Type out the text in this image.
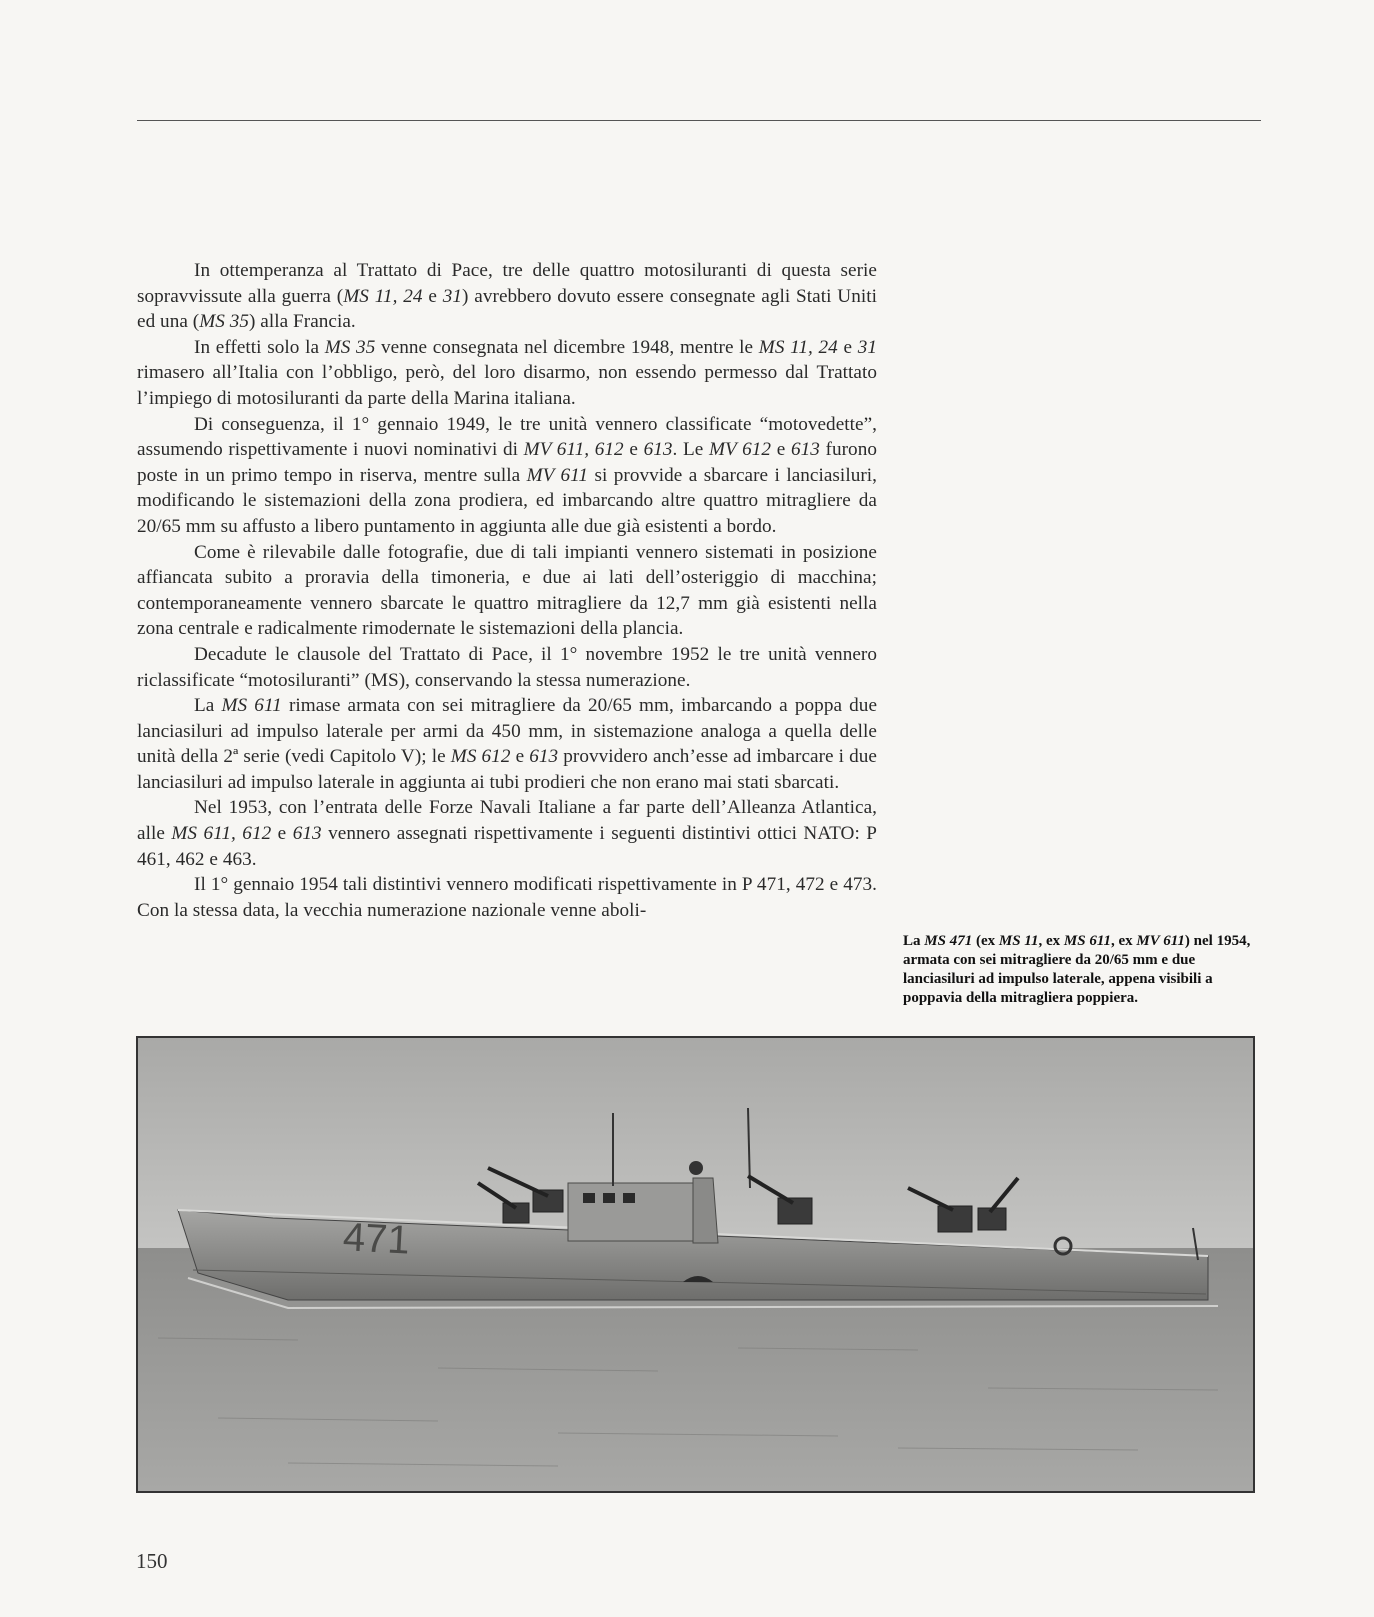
In ottemperanza al Trattato di Pace, tre delle quattro motosiluranti di questa serie sopravvissute alla guerra (MS 11, 24 e 31) avrebbero dovuto essere consegnate agli Stati Uniti ed una (MS 35) alla Francia.

In effetti solo la MS 35 venne consegnata nel dicembre 1948, mentre le MS 11, 24 e 31 rimasero all’Italia con l’obbligo, però, del loro disarmo, non essendo permesso dal Trattato l’impiego di motosiluranti da parte della Marina italiana.

Di conseguenza, il 1° gennaio 1949, le tre unità vennero classificate “motovedette”, assumendo rispettivamente i nuovi nominativi di MV 611, 612 e 613. Le MV 612 e 613 furono poste in un primo tempo in riserva, mentre sulla MV 611 si provvide a sbarcare i lanciasiluri, modificando le sistemazioni della zona prodiera, ed imbarcando altre quattro mitragliere da 20/65 mm su affusto a libero puntamento in aggiunta alle due già esistenti a bordo.

Come è rilevabile dalle fotografie, due di tali impianti vennero sistemati in posizione affiancata subito a proravia della timoneria, e due ai lati dell’osteriggio di macchina; contemporaneamente vennero sbarcate le quattro mitragliere da 12,7 mm già esistenti nella zona centrale e radicalmente rimodernate le sistemazioni della plancia.

Decadute le clausole del Trattato di Pace, il 1° novembre 1952 le tre unità vennero riclassificate “motosiluranti” (MS), conservando la stessa numerazione.

La MS 611 rimase armata con sei mitragliere da 20/65 mm, imbarcando a poppa due lanciasiluri ad impulso laterale per armi da 450 mm, in sistemazione analoga a quella delle unità della 2ª serie (vedi Capitolo V); le MS 612 e 613 provvidero anch’esse ad imbarcare i due lanciasiluri ad impulso laterale in aggiunta ai tubi prodieri che non erano mai stati sbarcati.

Nel 1953, con l’entrata delle Forze Navali Italiane a far parte dell’Alleanza Atlantica, alle MS 611, 612 e 613 vennero assegnati rispettivamente i seguenti distintivi ottici NATO: P 461, 462 e 463.

Il 1° gennaio 1954 tali distintivi vennero modificati rispettivamente in P 471, 472 e 473. Con la stessa data, la vecchia numerazione nazionale venne aboli-

La MS 471 (ex MS 11, ex MS 611, ex MV 611) nel 1954, armata con sei mitragliere da 20/65 mm e due lanciasiluri ad impulso laterale, appena visibili a poppavia della mitragliera poppiera.
471
150
